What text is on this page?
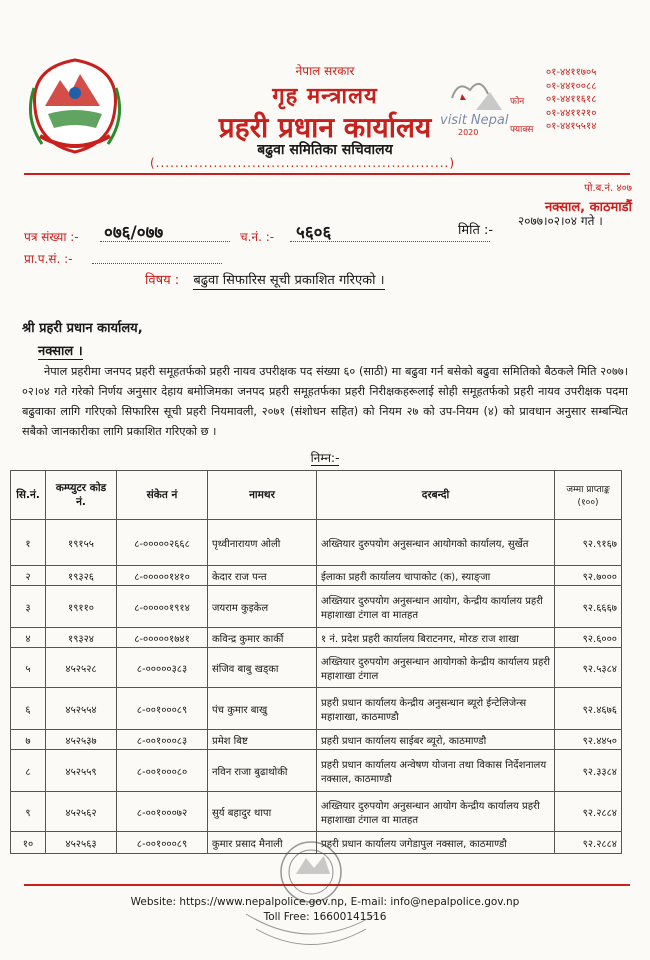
नेपाल सरकार
गृह मन्त्रालय
प्रहरी प्रधान कार्यालय
बढुवा समितिका सचिवालय
(.............................................................)
visit Nepal
2020
फोन
फ्याक्स
०१-४४११७०५
०१-४४१००८८
०१-४४११६१८
०१-४४११२१०
०१-४४१५५१४
पो.ब.नं. ४०७
नक्साल, काठमाडौं
पत्र संख्या :- ०७६/०७७	च.नं. :- ५६०६	मिति :-
२०७७।०२।०४ गते ।
प्रा.प.सं. :-
विषय : बढुवा सिफारिस सूची प्रकाशित गरिएको ।
श्री प्रहरी प्रधान कार्यालय,
नक्साल ।
नेपाल प्रहरीमा जनपद प्रहरी समूहतर्फको प्रहरी नायव उपरीक्षक पद संख्या ६० (साठी) मा बढुवा गर्न बसेको बढुवा समितिको बैठकले मिति २०७७।०२।०४ गते गरेको निर्णय अनुसार देहाय बमोजिमका जनपद प्रहरी समूहतर्फका प्रहरी निरीक्षकहरूलाई सोही समूहतर्फको प्रहरी नायव उपरीक्षक पदमा बढुवाका लागि गरिएको सिफारिस सूची प्रहरी नियमावली, २०७१ (संशोधन सहित) को नियम २७ को उप-नियम (४) को प्रावधान अनुसार सम्बन्धित सबैको जानकारीका लागि प्रकाशित गरिएको छ ।
निम्न:-
सि.नं.	कम्प्युटर कोड नं.	संकेत नं	नामथर	दरबन्दी	जम्मा प्राप्ताङ्क (१००)
१	१९१५५	८-०००००२६६८	पृथ्वीनारायण ओली	अख्तियार दुरुपयोग अनुसन्धान आयोगको कार्यालय, सुर्खेत	९२.९१६७
२	१९३२६	८-०००००१४१०	केदार राज पन्त	ईलाका प्रहरी कार्यालय चापाकोट (क), स्याङ्जा	९२.७०००
३	१९११०	८-०००००१९१४	जयराम कुइकेल	अख्तियार दुरुपयोग अनुसन्धान आयोग, केन्द्रीय कार्यालय प्रहरी महाशाखा टंगाल वा मातहत	९२.६६६७
४	१९३२४	८-०००००१७४१	कविन्द्र कुमार कार्की	१ नं. प्रदेश प्रहरी कार्यालय बिराटनगर, मोरङ राज शाखा	९२.६०००
५	४५२५२८	८-०००००३८३	संजिव बाबु खड्का	अख्तियार दुरुपयोग अनुसन्धान आयोगको केन्द्रीय कार्यालय प्रहरी महाशाखा टंगाल	९२.५३८४
६	४५२५५४	८-००१०००८९	पंच कुमार बाखु	प्रहरी प्रधान कार्यालय केन्द्रीय अनुसन्धान ब्यूरो ईन्टेलिजेन्स महाशाखा, काठमाण्डौ	९२.४६७६
७	४५२५३७	८-००१०००८३	प्रमेश बिष्ट	प्रहरी प्रधान कार्यालय साईबर ब्यूरो, काठमाण्डौ	९२.४४५०
८	४५२५५९	८-००१०००८०	नविन राजा बुढाथोकी	प्रहरी प्रधान कार्यालय अन्वेषण योजना तथा विकास निर्देशनालय नक्साल, काठमाण्डौ	९२.३३८४
९	४५२५६२	८-००१०००७२	सुर्य बहादुर थापा	अख्तियार दुरुपयोग अनुसन्धान आयोग केन्द्रीय कार्यालय प्रहरी महाशाखा टंगाल वा मातहत	९२.२८८४
१०	४५२५६३	८-००१०००८९	कुमार प्रसाद मैनाली	प्रहरी प्रधान कार्यालय जगेडापुल नक्साल, काठमाण्डौ	९२.२८८४
Website: https://www.nepalpolice.gov.np, E-mail: info@nepalpolice.gov.np
Toll Free: 16600141516
